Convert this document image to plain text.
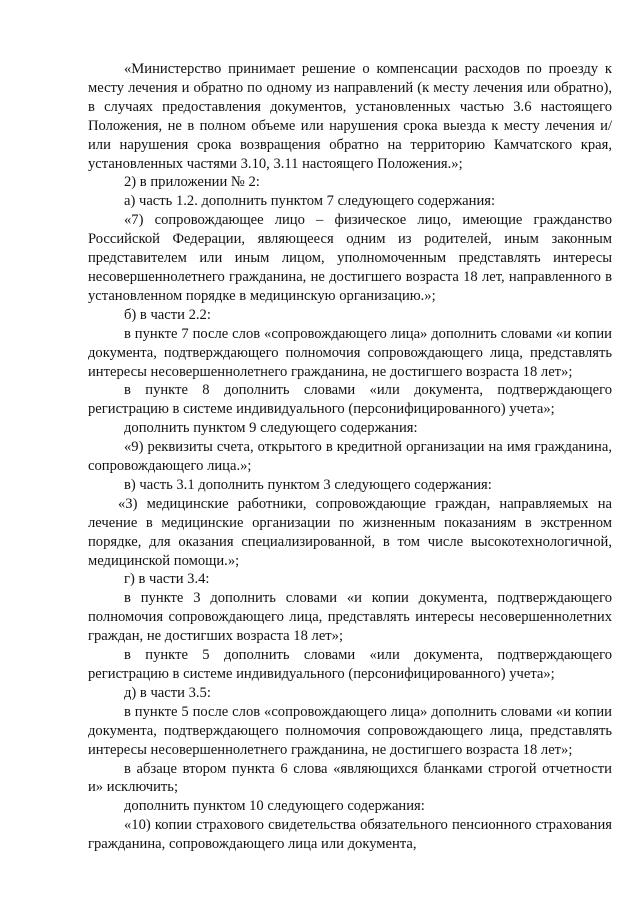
«Министерство принимает решение о компенсации расходов по проезду к месту лечения и обратно по одному из направлений (к месту лечения или обратно), в случаях предоставления документов, установленных частью 3.6 настоящего Положения, не в полном объеме или нарушения срока выезда к месту лечения и/или нарушения срока возвращения обратно на территорию Камчатского края, установленных частями 3.10, 3.11 настоящего Положения.»;

2) в приложении № 2:

а) часть 1.2. дополнить пунктом 7 следующего содержания:

«7) сопровождающее лицо – физическое лицо, имеющие гражданство Российской Федерации, являющееся одним из родителей, иным законным представителем или иным лицом, уполномоченным представлять интересы несовершеннолетнего гражданина, не достигшего возраста 18 лет, направленного в установленном порядке в медицинскую организацию.»;

б) в части 2.2:

в пункте 7 после слов «сопровождающего лица» дополнить словами «и копии документа, подтверждающего полномочия сопровождающего лица, представлять интересы несовершеннолетнего гражданина, не достигшего возраста 18 лет»;

в пункте 8 дополнить словами «или документа, подтверждающего регистрацию в системе индивидуального (персонифицированного) учета»;

дополнить пунктом 9 следующего содержания:

«9) реквизиты счета, открытого в кредитной организации на имя гражданина, сопровождающего лица.»;

в) часть 3.1 дополнить пунктом 3 следующего содержания:

«3) медицинские работники, сопровождающие граждан, направляемых на лечение в медицинские организации по жизненным показаниям в экстренном порядке, для оказания специализированной, в том числе высокотехнологичной, медицинской помощи.»;

г) в части 3.4:

в пункте 3 дополнить словами «и копии документа, подтверждающего полномочия сопровождающего лица, представлять интересы несовершеннолетних граждан, не достигших возраста 18 лет»;

в пункте 5 дополнить словами «или документа, подтверждающего регистрацию в системе индивидуального (персонифицированного) учета»;

д) в части 3.5:

в пункте 5 после слов «сопровождающего лица» дополнить словами «и копии документа, подтверждающего полномочия сопровождающего лица, представлять интересы несовершеннолетнего гражданина, не достигшего возраста 18 лет»;

в абзаце втором пункта 6 слова «являющихся бланками строгой отчетности и» исключить;

дополнить пунктом 10 следующего содержания:

«10) копии страхового свидетельства обязательного пенсионного страхования гражданина, сопровождающего лица или документа,
